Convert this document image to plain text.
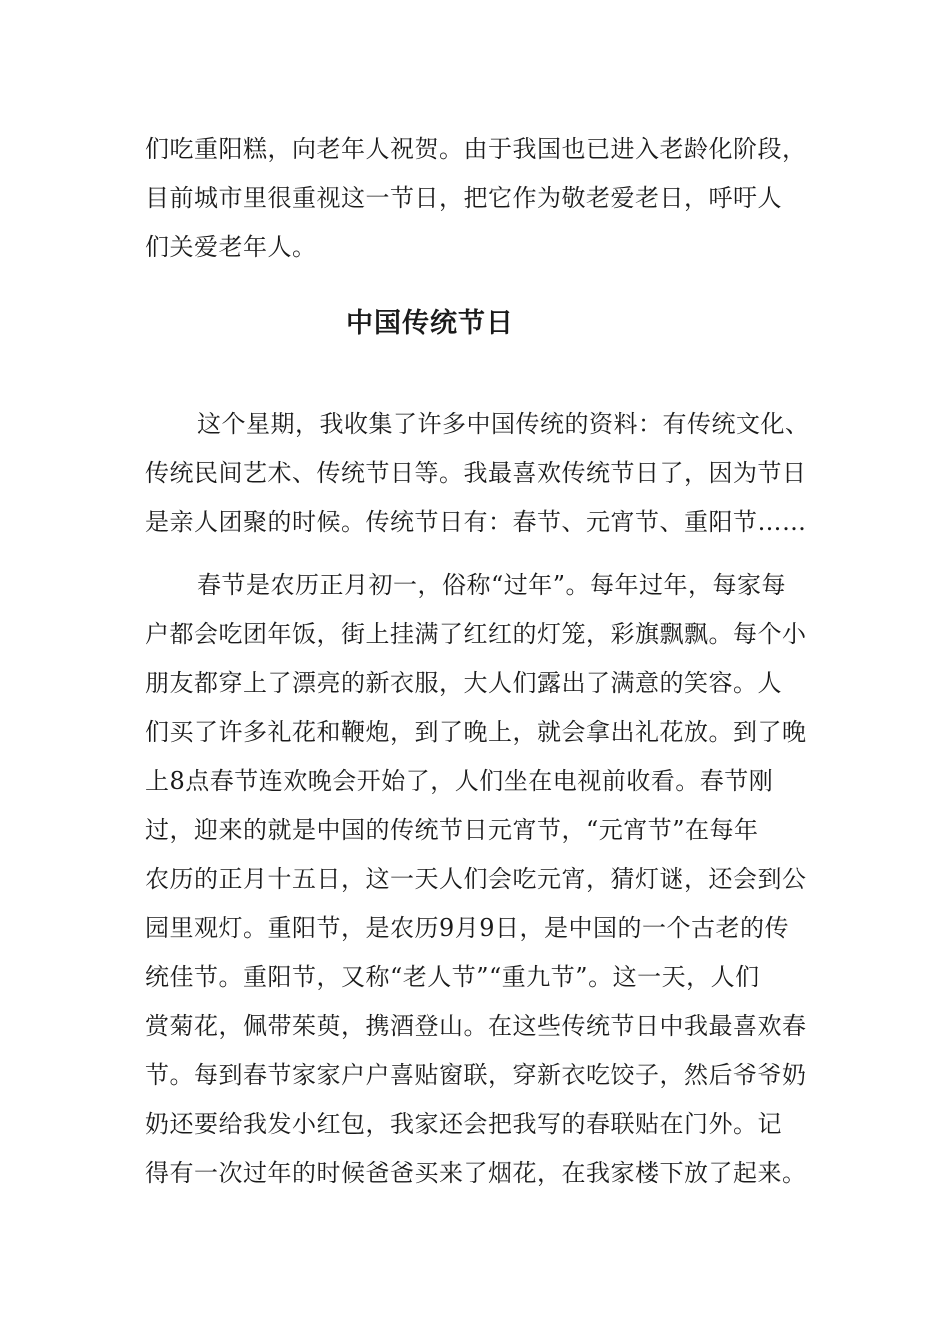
们吃重阳糕，向老年人祝贺。由于我国也已进入老龄化阶段，
目前城市里很重视这一节日，把它作为敬老爱老日，呼吁人
们关爱老年人。
中国传统节日
这个星期，我收集了许多中国传统的资料：有传统文化、
传统民间艺术、传统节日等。我最喜欢传统节日了，因为节日
是亲人团聚的时候。传统节日有：春节、元宵节、重阳节……
春节是农历正月初一，俗称“过年”。每年过年，每家每
户都会吃团年饭，街上挂满了红红的灯笼，彩旗飘飘。每个小
朋友都穿上了漂亮的新衣服，大人们露出了满意的笑容。人
们买了许多礼花和鞭炮，到了晚上，就会拿出礼花放。到了晚
上8点春节连欢晚会开始了，人们坐在电视前收看。春节刚
过，迎来的就是中国的传统节日元宵节，“元宵节”在每年
农历的正月十五日，这一天人们会吃元宵，猜灯谜，还会到公
园里观灯。重阳节，是农历9月9日，是中国的一个古老的传
统佳节。重阳节，又称“老人节”“重九节”。这一天，人们
赏菊花，佩带茱萸，携酒登山。在这些传统节日中我最喜欢春
节。每到春节家家户户喜贴窗联，穿新衣吃饺子，然后爷爷奶
奶还要给我发小红包，我家还会把我写的春联贴在门外。记
得有一次过年的时候爸爸买来了烟花，在我家楼下放了起来。
